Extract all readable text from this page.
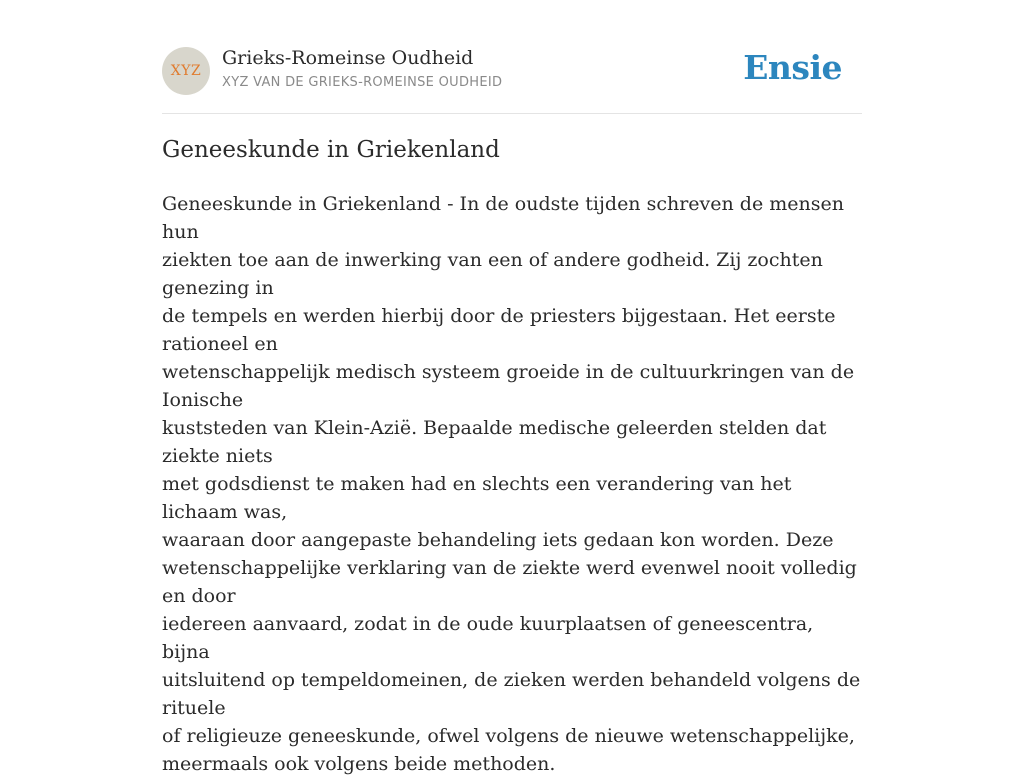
XYZ
Grieks-Romeinse Oudheid
XYZ VAN DE GRIEKS-ROMEINSE OUDHEID	Ensie
Geneeskunde in Griekenland
Geneeskunde in Griekenland - In de oudste tijden schreven de mensen hun
ziekten toe aan de inwerking van een of andere godheid. Zij zochten genezing in
de tempels en werden hierbij door de priesters bijgestaan. Het eerste rationeel en
wetenschappelijk medisch systeem groeide in de cultuurkringen van de Ionische
kuststeden van Klein-Azië. Bepaalde medische geleerden stelden dat ziekte niets
met godsdienst te maken had en slechts een verandering van het lichaam was,
waaraan door aangepaste behandeling iets gedaan kon worden. Deze
wetenschappelijke verklaring van de ziekte werd evenwel nooit volledig en door
iedereen aanvaard, zodat in de oude kuurplaatsen of geneescentra, bijna
uitsluitend op tempeldomeinen, de zieken werden behandeld volgens de rituele
of religieuze geneeskunde, ofwel volgens de nieuwe wetenschappelijke,
meermaals ook volgens beide methoden.
